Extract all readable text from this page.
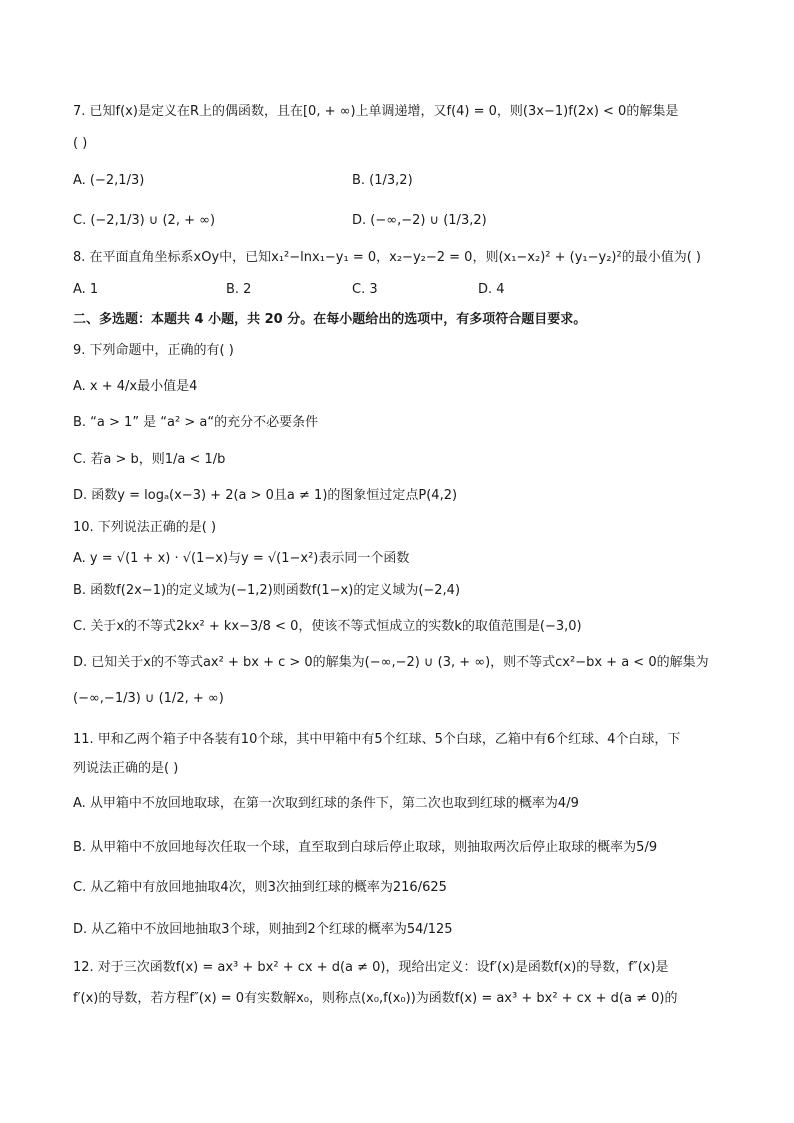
7. 已知f(x)是定义在R上的偶函数，且在[0, + ∞)上单调递增，又f(4) = 0，则(3x−1)f(2x) < 0的解集是
( )
A. (−2,1/3)	B. (1/3,2)
C. (−2,1/3) ∪ (2, + ∞)	D. (−∞,−2) ∪ (1/3,2)
8. 在平面直角坐标系xOy中，已知x₁²−lnx₁−y₁ = 0，x₂−y₂−2 = 0，则(x₁−x₂)² + (y₁−y₂)²的最小值为( )
A. 1	B. 2	C. 3	D. 4
二、多选题：本题共 4 小题，共 20 分。在每小题给出的选项中，有多项符合题目要求。
9. 下列命题中，正确的有( )
A. x + 4/x最小值是4
B. “a > 1” 是 “a² > a“的充分不必要条件
C. 若a > b，则1/a < 1/b
D. 函数y = logₐ(x−3) + 2(a > 0且a ≠ 1)的图象恒过定点P(4,2)
10. 下列说法正确的是( )
A. y = √(1 + x) · √(1−x)与y = √(1−x²)表示同一个函数
B. 函数f(2x−1)的定义域为(−1,2)则函数f(1−x)的定义域为(−2,4)
C. 关于x的不等式2kx² + kx−3/8 < 0，使该不等式恒成立的实数k的取值范围是(−3,0)
D. 已知关于x的不等式ax² + bx + c > 0的解集为(−∞,−2) ∪ (3, + ∞)，则不等式cx²−bx + a < 0的解集为
(−∞,−1/3) ∪ (1/2, + ∞)
11. 甲和乙两个箱子中各装有10个球，其中甲箱中有5个红球、5个白球，乙箱中有6个红球、4个白球，下
列说法正确的是( )
A. 从甲箱中不放回地取球，在第一次取到红球的条件下，第二次也取到红球的概率为4/9
B. 从甲箱中不放回地每次任取一个球，直至取到白球后停止取球，则抽取两次后停止取球的概率为5/9
C. 从乙箱中有放回地抽取4次，则3次抽到红球的概率为216/625
D. 从乙箱中不放回地抽取3个球，则抽到2个红球的概率为54/125
12. 对于三次函数f(x) = ax³ + bx² + cx + d(a ≠ 0)，现给出定义：设f′(x)是函数f(x)的导数，f″(x)是
f′(x)的导数，若方程f″(x) = 0有实数解x₀，则称点(x₀,f(x₀))为函数f(x) = ax³ + bx² + cx + d(a ≠ 0)的
